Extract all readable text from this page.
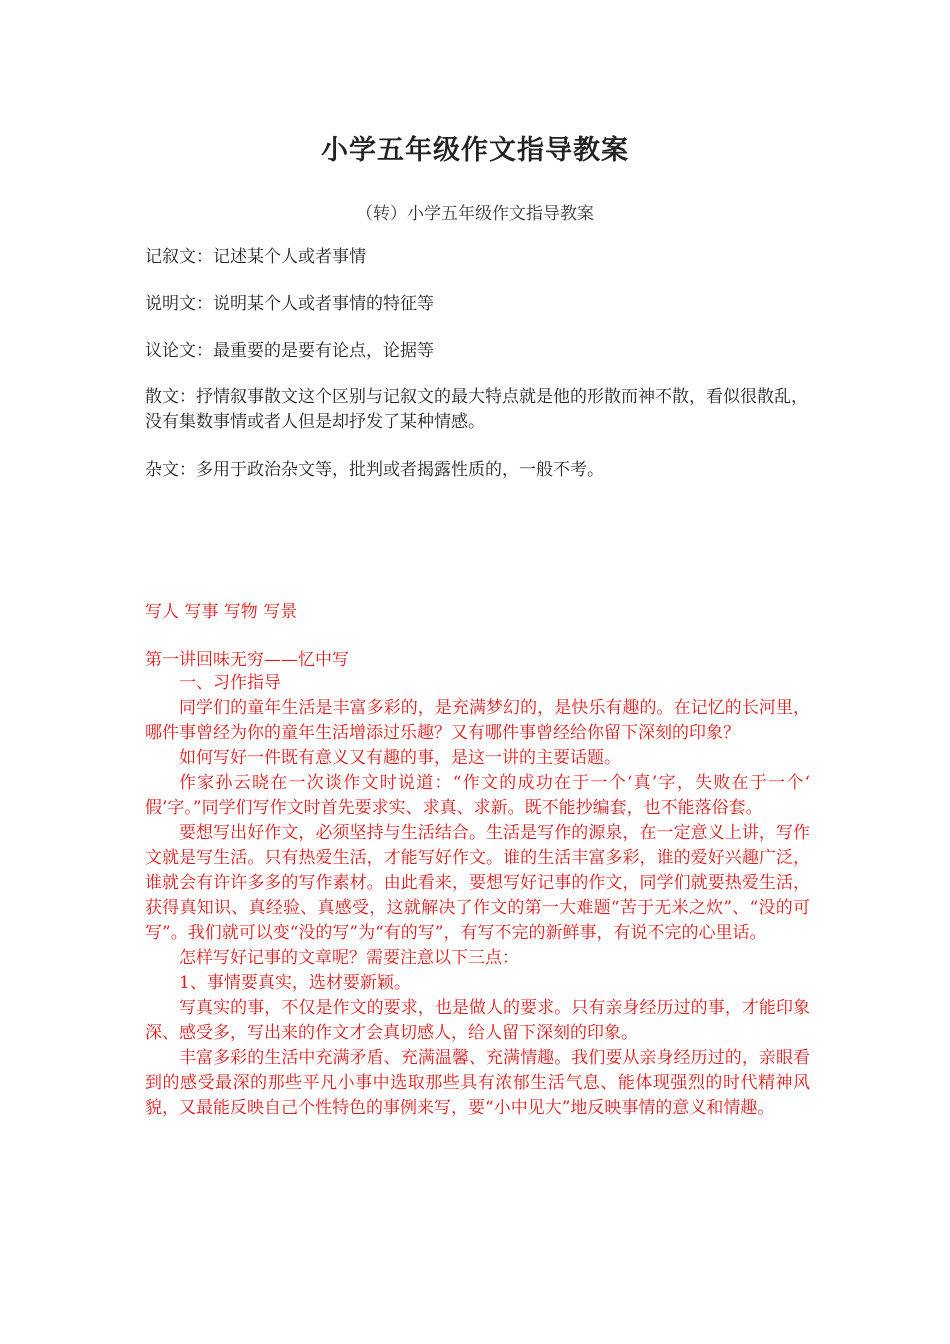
小学五年级作文指导教案
（转）小学五年级作文指导教案

记叙文：记述某个人或者事情

说明文：说明某个人或者事情的特征等

议论文：最重要的是要有论点，论据等

散文：抒情叙事散文这个区别与记叙文的最大特点就是他的形散而神不散，看似很散乱，没有集数事情或者人但是却抒发了某种情感。

杂文：多用于政治杂文等，批判或者揭露性质的，一般不考。

写人 写事 写物 写景

第一讲回味无穷——忆中写

一、习作指导

同学们的童年生活是丰富多彩的，是充满梦幻的，是快乐有趣的。在记忆的长河里，哪件事曾经为你的童年生活增添过乐趣？又有哪件事曾经给你留下深刻的印象？

如何写好一件既有意义又有趣的事，是这一讲的主要话题。

作家孙云晓在一次谈作文时说道：“作文的成功在于一个‘真’字，失败在于一个‘　假’字。”同学们写作文时首先要求实、求真、求新。既不能抄编套，也不能落俗套。

要想写出好作文，必须坚持与生活结合。生活是写作的源泉，在一定意义上讲，写作文就是写生活。只有热爱生活，才能写好作文。谁的生活丰富多彩，谁的爱好兴趣广泛，谁就会有许许多多的写作素材。由此看来，要想写好记事的作文，同学们就要热爱生活，获得真知识、真经验、真感受，这就解决了作文的第一大难题“苦于无米之炊”、“没的可写”。我们就可以变“没的写”为“有的写”，有写不完的新鲜事，有说不完的心里话。

怎样写好记事的文章呢？需要注意以下三点：

1、事情要真实，选材要新颖。

写真实的事，不仅是作文的要求，也是做人的要求。只有亲身经历过的事，才能印象深、感受多，写出来的作文才会真切感人，给人留下深刻的印象。

丰富多彩的生活中充满矛盾、充满温馨、充满情趣。我们要从亲身经历过的，亲眼看到的感受最深的那些平凡小事中选取那些具有浓郁生活气息、能体现强烈的时代精神风貌，又最能反映自己个性特色的事例来写，要“小中见大”地反映事情的意义和情趣。
